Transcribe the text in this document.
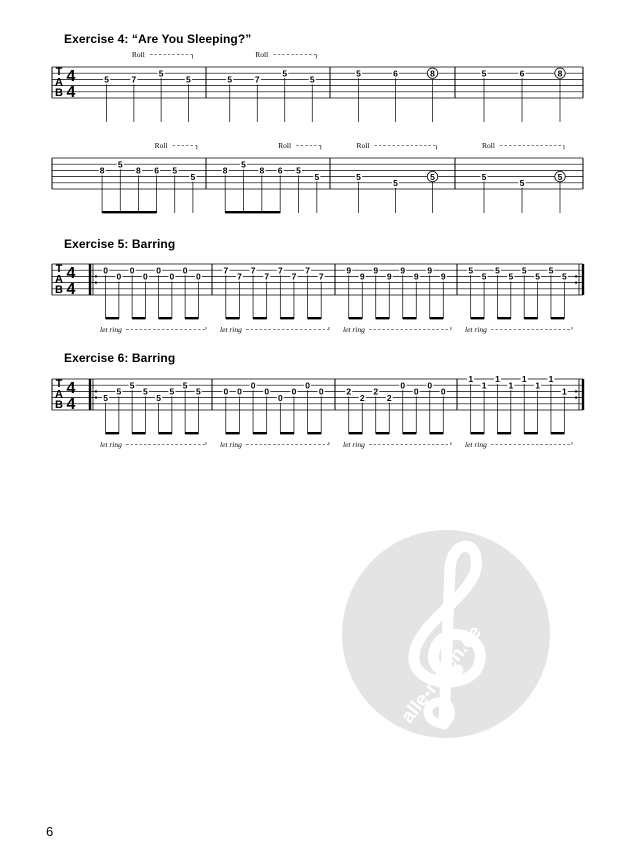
Exercise 4: “Are You Sleeping?”
Exercise 5: Barring
Exercise 6: Barring
T
A
B
4
4
5	7
5
5
Roll
5	7
5
5
Roll
5	6	8	5	6	8
8
5
8 6 5
5
Roll
8
5
8 6 5
5
Roll
5
5
5
Roll
5
5
5
Roll
T
A
B
4
4
0
0
0
0
0
0
0
0
let ring
7
7
7
7
7
7
7
7
let ring
9
9
9
9
9
9
9
9
let ring
5
5
5
5
5
5
5
5
let ring
T
A
B
4
4	5
5
5
5
5
5
5
5
let ring
0 0
0
0
0
0
0
0
let ring
2
2
2
2
0
0
0
0
let ring
1
1
1
1
1
1
1
1
let ring
alle-noten.de
6
